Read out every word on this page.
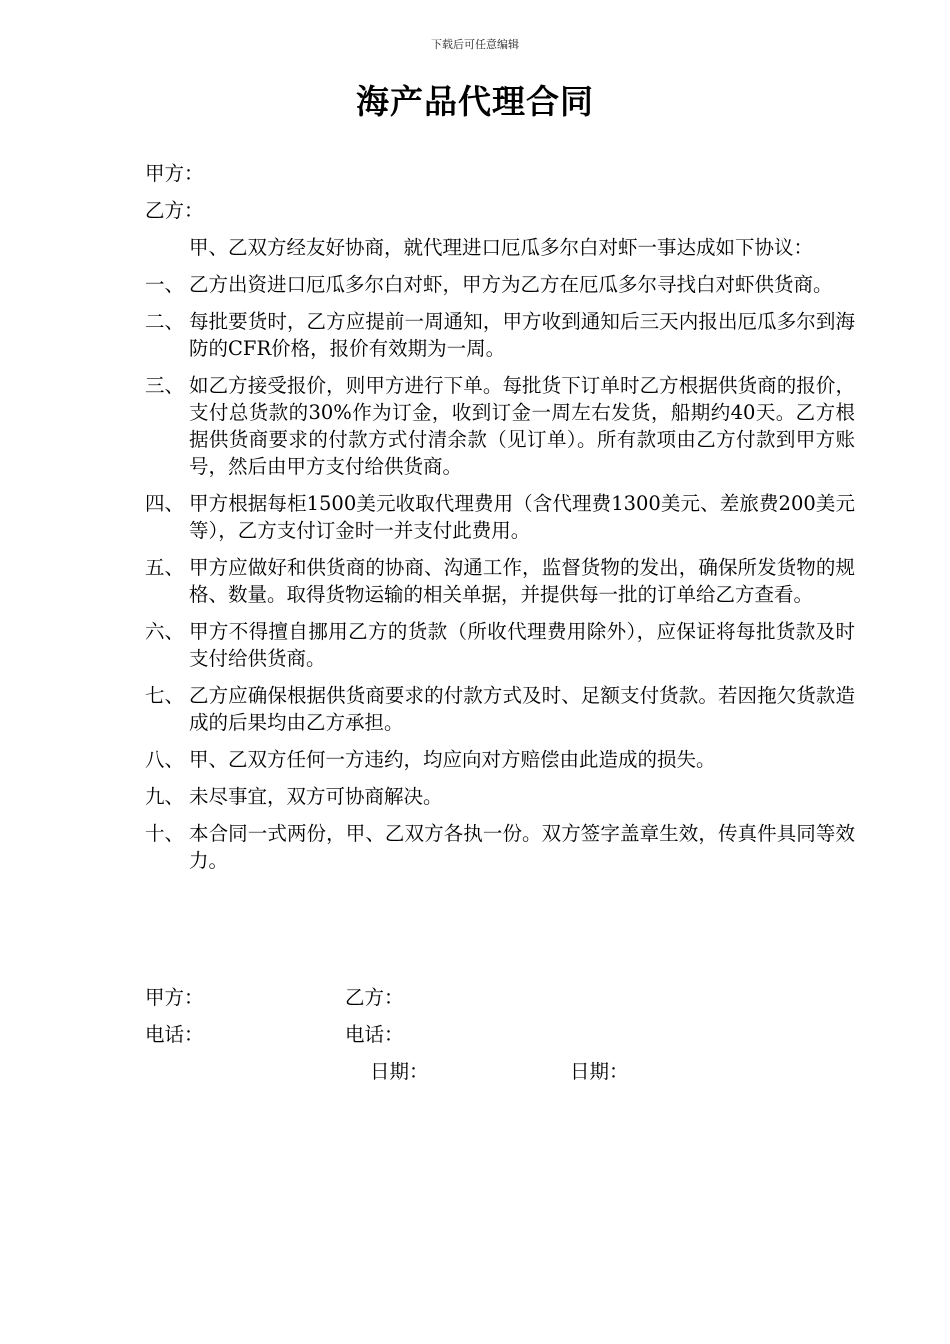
下载后可任意编辑
海产品代理合同

甲方：

乙方：

甲、乙双方经友好协商，就代理进口厄瓜多尔白对虾一事达成如下协议：

一、 乙方出资进口厄瓜多尔白对虾，甲方为乙方在厄瓜多尔寻找白对虾供货商。
二、 每批要货时，乙方应提前一周通知，甲方收到通知后三天内报出厄瓜多尔到海防的CFR价格，报价有效期为一周。
三、 如乙方接受报价，则甲方进行下单。每批货下订单时乙方根据供货商的报价，支付总货款的30%作为订金，收到订金一周左右发货，船期约40天。乙方根据供货商要求的付款方式付清余款（见订单）。所有款项由乙方付款到甲方账号，然后由甲方支付给供货商。
四、 甲方根据每柜1500美元收取代理费用（含代理费1300美元、差旅费200美元等），乙方支付订金时一并支付此费用。
五、 甲方应做好和供货商的协商、沟通工作，监督货物的发出，确保所发货物的规格、数量。取得货物运输的相关单据，并提供每一批的订单给乙方查看。
六、 甲方不得擅自挪用乙方的货款（所收代理费用除外），应保证将每批货款及时支付给供货商。
七、 乙方应确保根据供货商要求的付款方式及时、足额支付货款。若因拖欠货款造成的后果均由乙方承担。
八、 甲、乙双方任何一方违约，均应向对方赔偿由此造成的损失。
九、 未尽事宜，双方可协商解决。
十、 本合同一式两份，甲、乙双方各执一份。双方签字盖章生效，传真件具同等效力。
甲方：	乙方：
电话：	电话：
日期：	日期：
